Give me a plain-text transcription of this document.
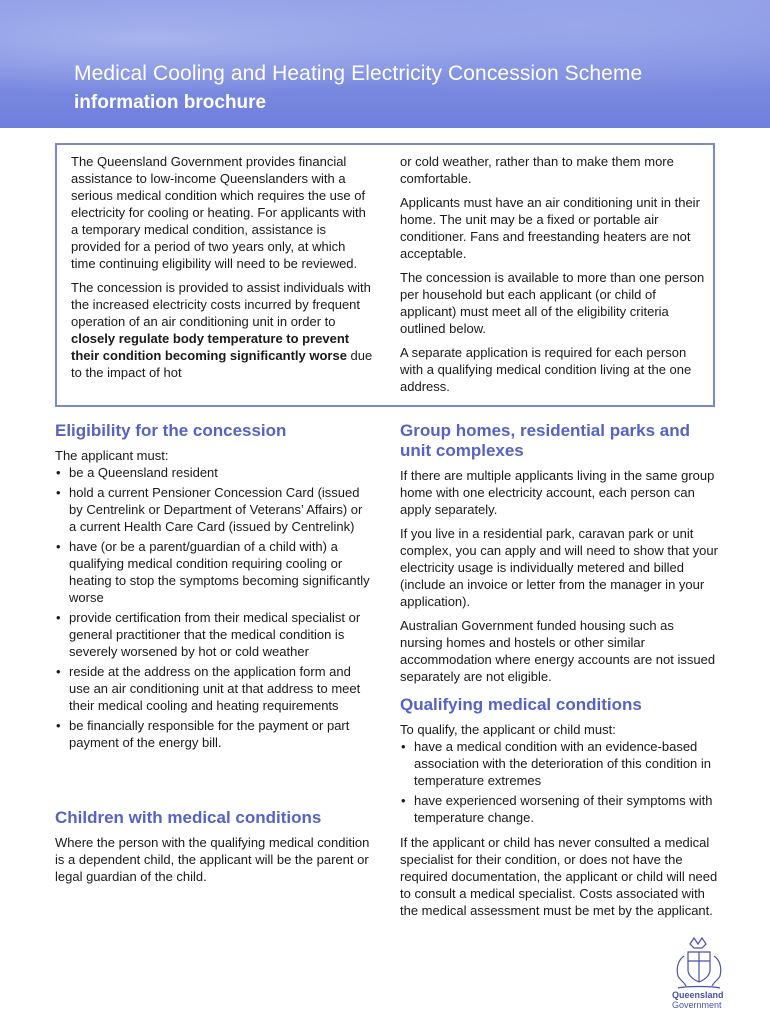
Medical Cooling and Heating Electricity Concession Scheme
information brochure

The Queensland Government provides financial assistance to low-income Queenslanders with a serious medical condition which requires the use of electricity for cooling or heating. For applicants with a temporary medical condition, assistance is provided for a period of two years only, at which time continuing eligibility will need to be reviewed.

The concession is provided to assist individuals with the increased electricity costs incurred by frequent operation of an air conditioning unit in order to closely regulate body temperature to prevent their condition becoming significantly worse due to the impact of hot

or cold weather, rather than to make them more comfortable.

Applicants must have an air conditioning unit in their home. The unit may be a fixed or portable air conditioner. Fans and freestanding heaters are not acceptable.

The concession is available to more than one person per household but each applicant (or child of applicant) must meet all of the eligibility criteria outlined below.

A separate application is required for each person with a qualifying medical condition living at the one address.

Eligibility for the concession

The applicant must:

• be a Queensland resident
• hold a current Pensioner Concession Card (issued by Centrelink or Department of Veterans’ Affairs) or a current Health Care Card (issued by Centrelink)
• have (or be a parent/guardian of a child with) a qualifying medical condition requiring cooling or heating to stop the symptoms becoming significantly worse
• provide certification from their medical specialist or general practitioner that the medical condition is severely worsened by hot or cold weather
• reside at the address on the application form and use an air conditioning unit at that address to meet their medical cooling and heating requirements
• be financially responsible for the payment or part payment of the energy bill.
Children with medical conditions

Where the person with the qualifying medical condition is a dependent child, the applicant will be the parent or legal guardian of the child.

Group homes, residential parks and unit complexes

If there are multiple applicants living in the same group home with one electricity account, each person can apply separately.

If you live in a residential park, caravan park or unit complex, you can apply and will need to show that your electricity usage is individually metered and billed (include an invoice or letter from the manager in your application).

Australian Government funded housing such as nursing homes and hostels or other similar accommodation where energy accounts are not issued separately are not eligible.

Qualifying medical conditions

To qualify, the applicant or child must:

• have a medical condition with an evidence-based association with the deterioration of this condition in temperature extremes
• have experienced worsening of their symptoms with temperature change.

If the applicant or child has never consulted a medical specialist for their condition, or does not have the required documentation, the applicant or child will need to consult a medical specialist. Costs associated with the medical assessment must be met by the applicant.

Queensland
Government
